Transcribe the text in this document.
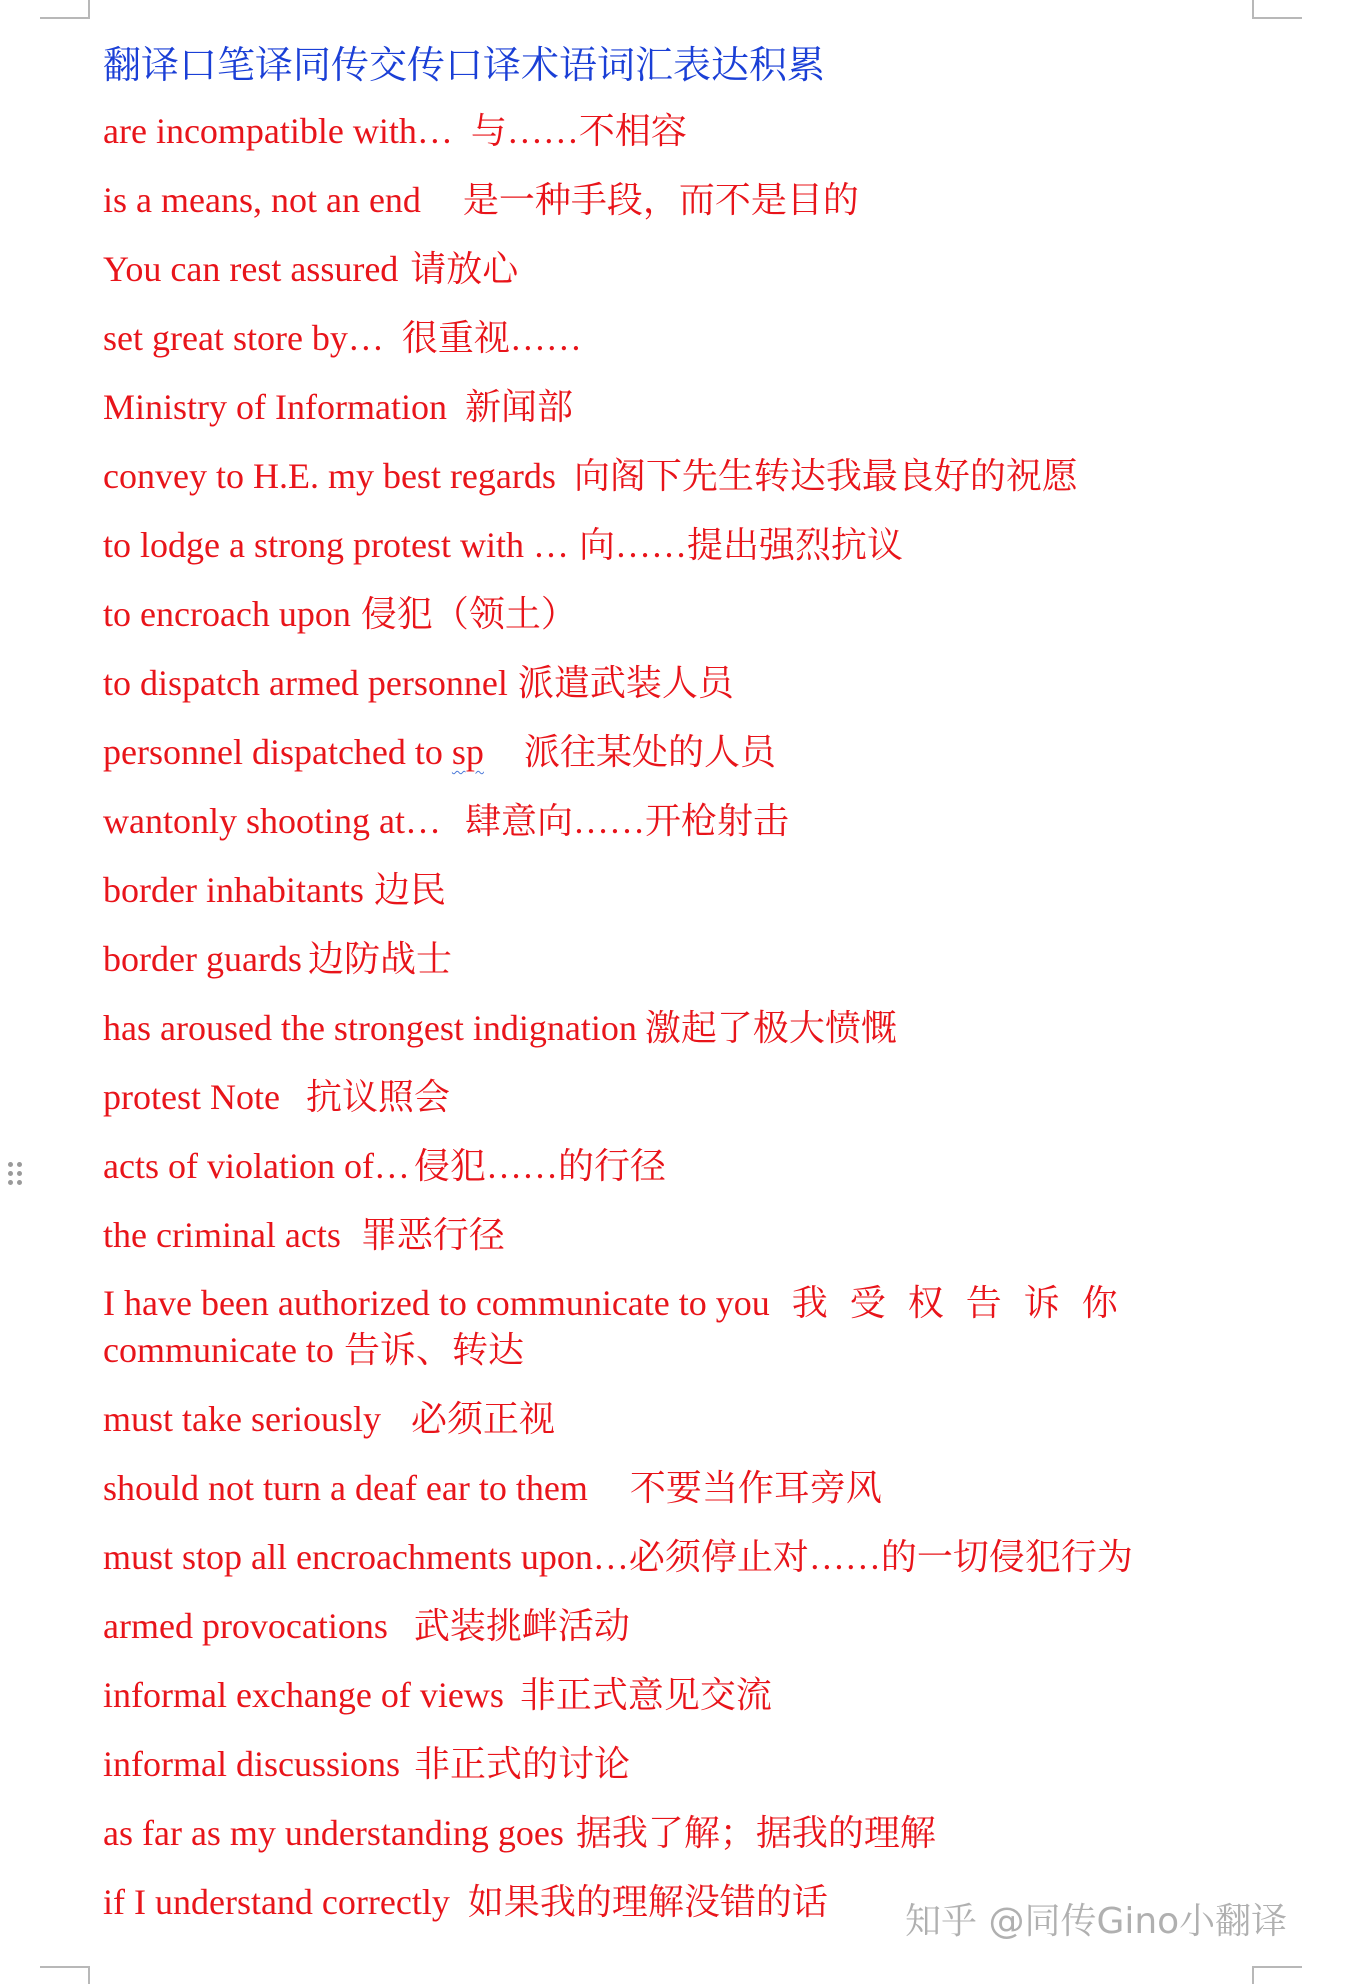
翻译口笔译同传交传口译术语词汇表达积累
are incompatible with… 与……不相容
is a means, not an end 是一种手段，而不是目的
You can rest assured 请放心
set great store by… 很重视……
Ministry of Information 新闻部
convey to H.E. my best regards 向阁下先生转达我最良好的祝愿
to lodge a strong protest with … 向……提出强烈抗议
to encroach upon 侵犯（领土）
to dispatch armed personnel 派遣武装人员
personnel dispatched to sp 派往某处的人员
wantonly shooting at… 肆意向……开枪射击
border inhabitants 边民
border guards 边防战士
has aroused the strongest indignation 激起了极大愤慨
protest Note 抗议照会
acts of violation of… 侵犯……的行径
the criminal acts 罪恶行径
I have been authorized to communicate to you 我受权告诉你
communicate to 告诉、转达
must take seriously 必须正视
should not turn a deaf ear to them 不要当作耳旁风
must stop all encroachments upon…必须停止对……的一切侵犯行为
armed provocations 武装挑衅活动
informal exchange of views 非正式意见交流
informal discussions 非正式的讨论
as far as my understanding goes 据我了解；据我的理解
if I understand correctly 如果我的理解没错的话	知乎 @同传Gino小翻译
